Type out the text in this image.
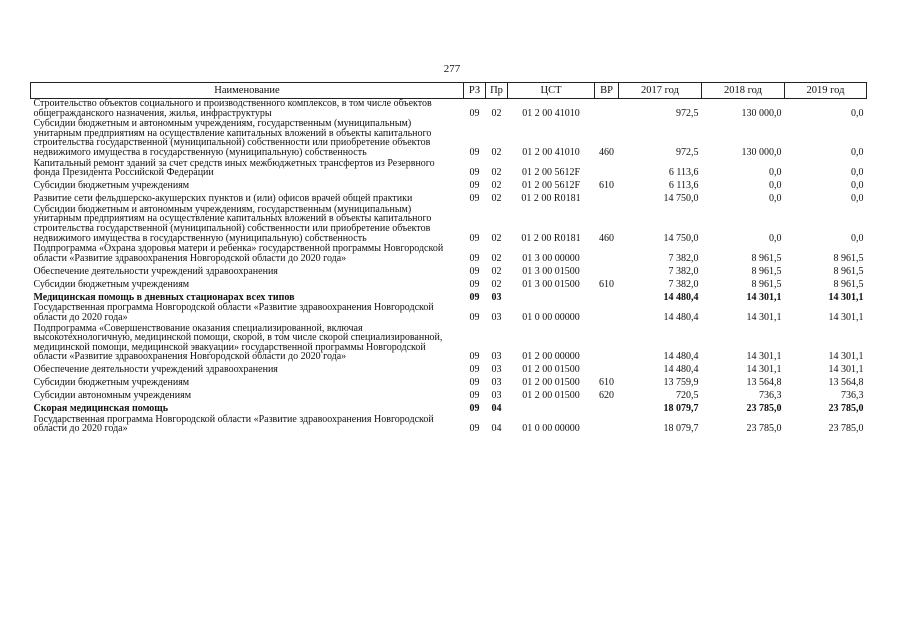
277
Наименование	РЗ	Пр	ЦСТ	ВР	2017 год	2018 год	2019 год
Строительство объектов социального и производственного комплексов, в том числе объектов общегражданского назначения, жилья, инфраструктуры	09	02	01 2 00 41010		972,5	130 000,0	0,0
Субсидии бюджетным и автономным учреждениям, государственным (муниципальным) унитарным предприятиям на осуществление капитальных вложений в объекты капитального строительства государственной (муниципальной) собственности или приобретение объектов недвижимого имущества в государственную (муниципальную) собственность	09	02	01 2 00 41010	460	972,5	130 000,0	0,0
Капитальный ремонт зданий за счет средств иных межбюджетных трансфертов из Резервного фонда Президента Российской Федерации	09	02	01 2 00 5612F		6 113,6	0,0	0,0
Субсидии бюджетным учреждениям	09	02	01 2 00 5612F	610	6 113,6	0,0	0,0
Развитие сети фельдшерско-акушерских пунктов и (или) офисов врачей общей практики	09	02	01 2 00 R0181		14 750,0	0,0	0,0
Субсидии бюджетным и автономным учреждениям, государственным (муниципальным) унитарным предприятиям на осуществление капитальных вложений в объекты капитального строительства государственной (муниципальной) собственности или приобретение объектов недвижимого имущества в государственную (муниципальную) собственность	09	02	01 2 00 R0181	460	14 750,0	0,0	0,0
Подпрограмма «Охрана здоровья матери и ребенка» государственной программы Новгородской области «Развитие здравоохранения Новгородской области до 2020 года»	09	02	01 3 00 00000		7 382,0	8 961,5	8 961,5
Обеспечение деятельности учреждений здравоохранения	09	02	01 3 00 01500		7 382,0	8 961,5	8 961,5
Субсидии бюджетным учреждениям	09	02	01 3 00 01500	610	7 382,0	8 961,5	8 961,5
Медицинская помощь в дневных стационарах всех типов	09	03			14 480,4	14 301,1	14 301,1
Государственная программа Новгородской области «Развитие здравоохранения Новгородской области до 2020 года»	09	03	01 0 00 00000		14 480,4	14 301,1	14 301,1
Подпрограмма «Совершенствование оказания специализированной, включая высокотехнологичную, медицинской помощи, скорой, в том числе скорой специализированной, медицинской помощи, медицинской эвакуации» государственной программы Новгородской области «Развитие здравоохранения Новгородской области до 2020 года»	09	03	01 2 00 00000		14 480,4	14 301,1	14 301,1
Обеспечение деятельности учреждений здравоохранения	09	03	01 2 00 01500		14 480,4	14 301,1	14 301,1
Субсидии бюджетным учреждениям	09	03	01 2 00 01500	610	13 759,9	13 564,8	13 564,8
Субсидии автономным учреждениям	09	03	01 2 00 01500	620	720,5	736,3	736,3
Скорая медицинская помощь	09	04			18 079,7	23 785,0	23 785,0
Государственная программа Новгородской области «Развитие здравоохранения Новгородской области до 2020 года»	09	04	01 0 00 00000		18 079,7	23 785,0	23 785,0
